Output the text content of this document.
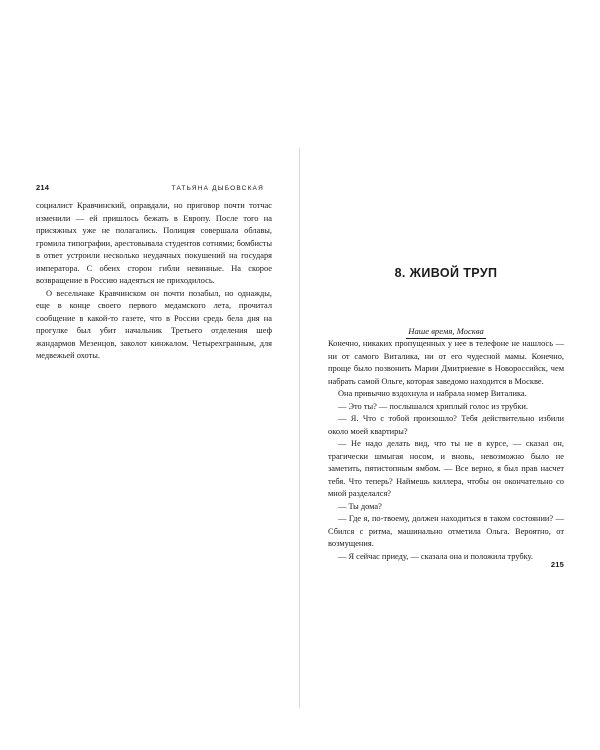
214	ТАТЬЯНА ДЫБОВСКАЯ

социалист Кравчинский, оправдали, но приговор почти тотчас изменили — ей пришлось бежать в Европу. После того на присяжных уже не полагались. Полиция совершала облавы, громила типографии, арестовывала студентов сотнями; бомбисты в ответ устроили несколько неудачных покушений на государя императора. С обеих сторон гибли невинные. На скорое возвращение в Россию надеяться не приходилось.

О весельчаке Кравчинском он почти позабыл, но однажды, еще в конце своего первого медамского лета, прочитал сообщение в какой-то газете, что в России средь бела дня на прогулке был убит начальник Третьего отделения шеф жандармов Мезенцов, заколот кинжалом. Четырехгранным, для медвежьей охоты.

8. ЖИВОЙ ТРУП
Наше время, Москва

Конечно, никаких пропущенных у нее в телефоне не нашлось — ни от самого Виталика, ни от его чудесной мамы. Конечно, проще было позвонить Марии Дмитриевне в Новороссийск, чем набрать самой Ольге, которая заведомо находится в Москве.

Она привычно вздохнула и набрала номер Виталика.

— Это ты? — послышался хриплый голос из трубки.

— Я. Что с тобой произошло? Тебя действительно избили около моей квартиры?

— Не надо делать вид, что ты не в курсе, — сказал он, трагически шмыгая носом, и вновь, невозможно было не заметить, пятистопным ямбом. — Все верно, я был прав насчет тебя. Что теперь? Наймешь киллера, чтобы он окончательно со мной разделался?

— Ты дома?

— Где я, по-твоему, должен находиться в таком состоянии? — Сбился с ритма, машинально отметила Ольга. Вероятно, от возмущения.

— Я сейчас приеду, — сказала она и положила трубку.

215
